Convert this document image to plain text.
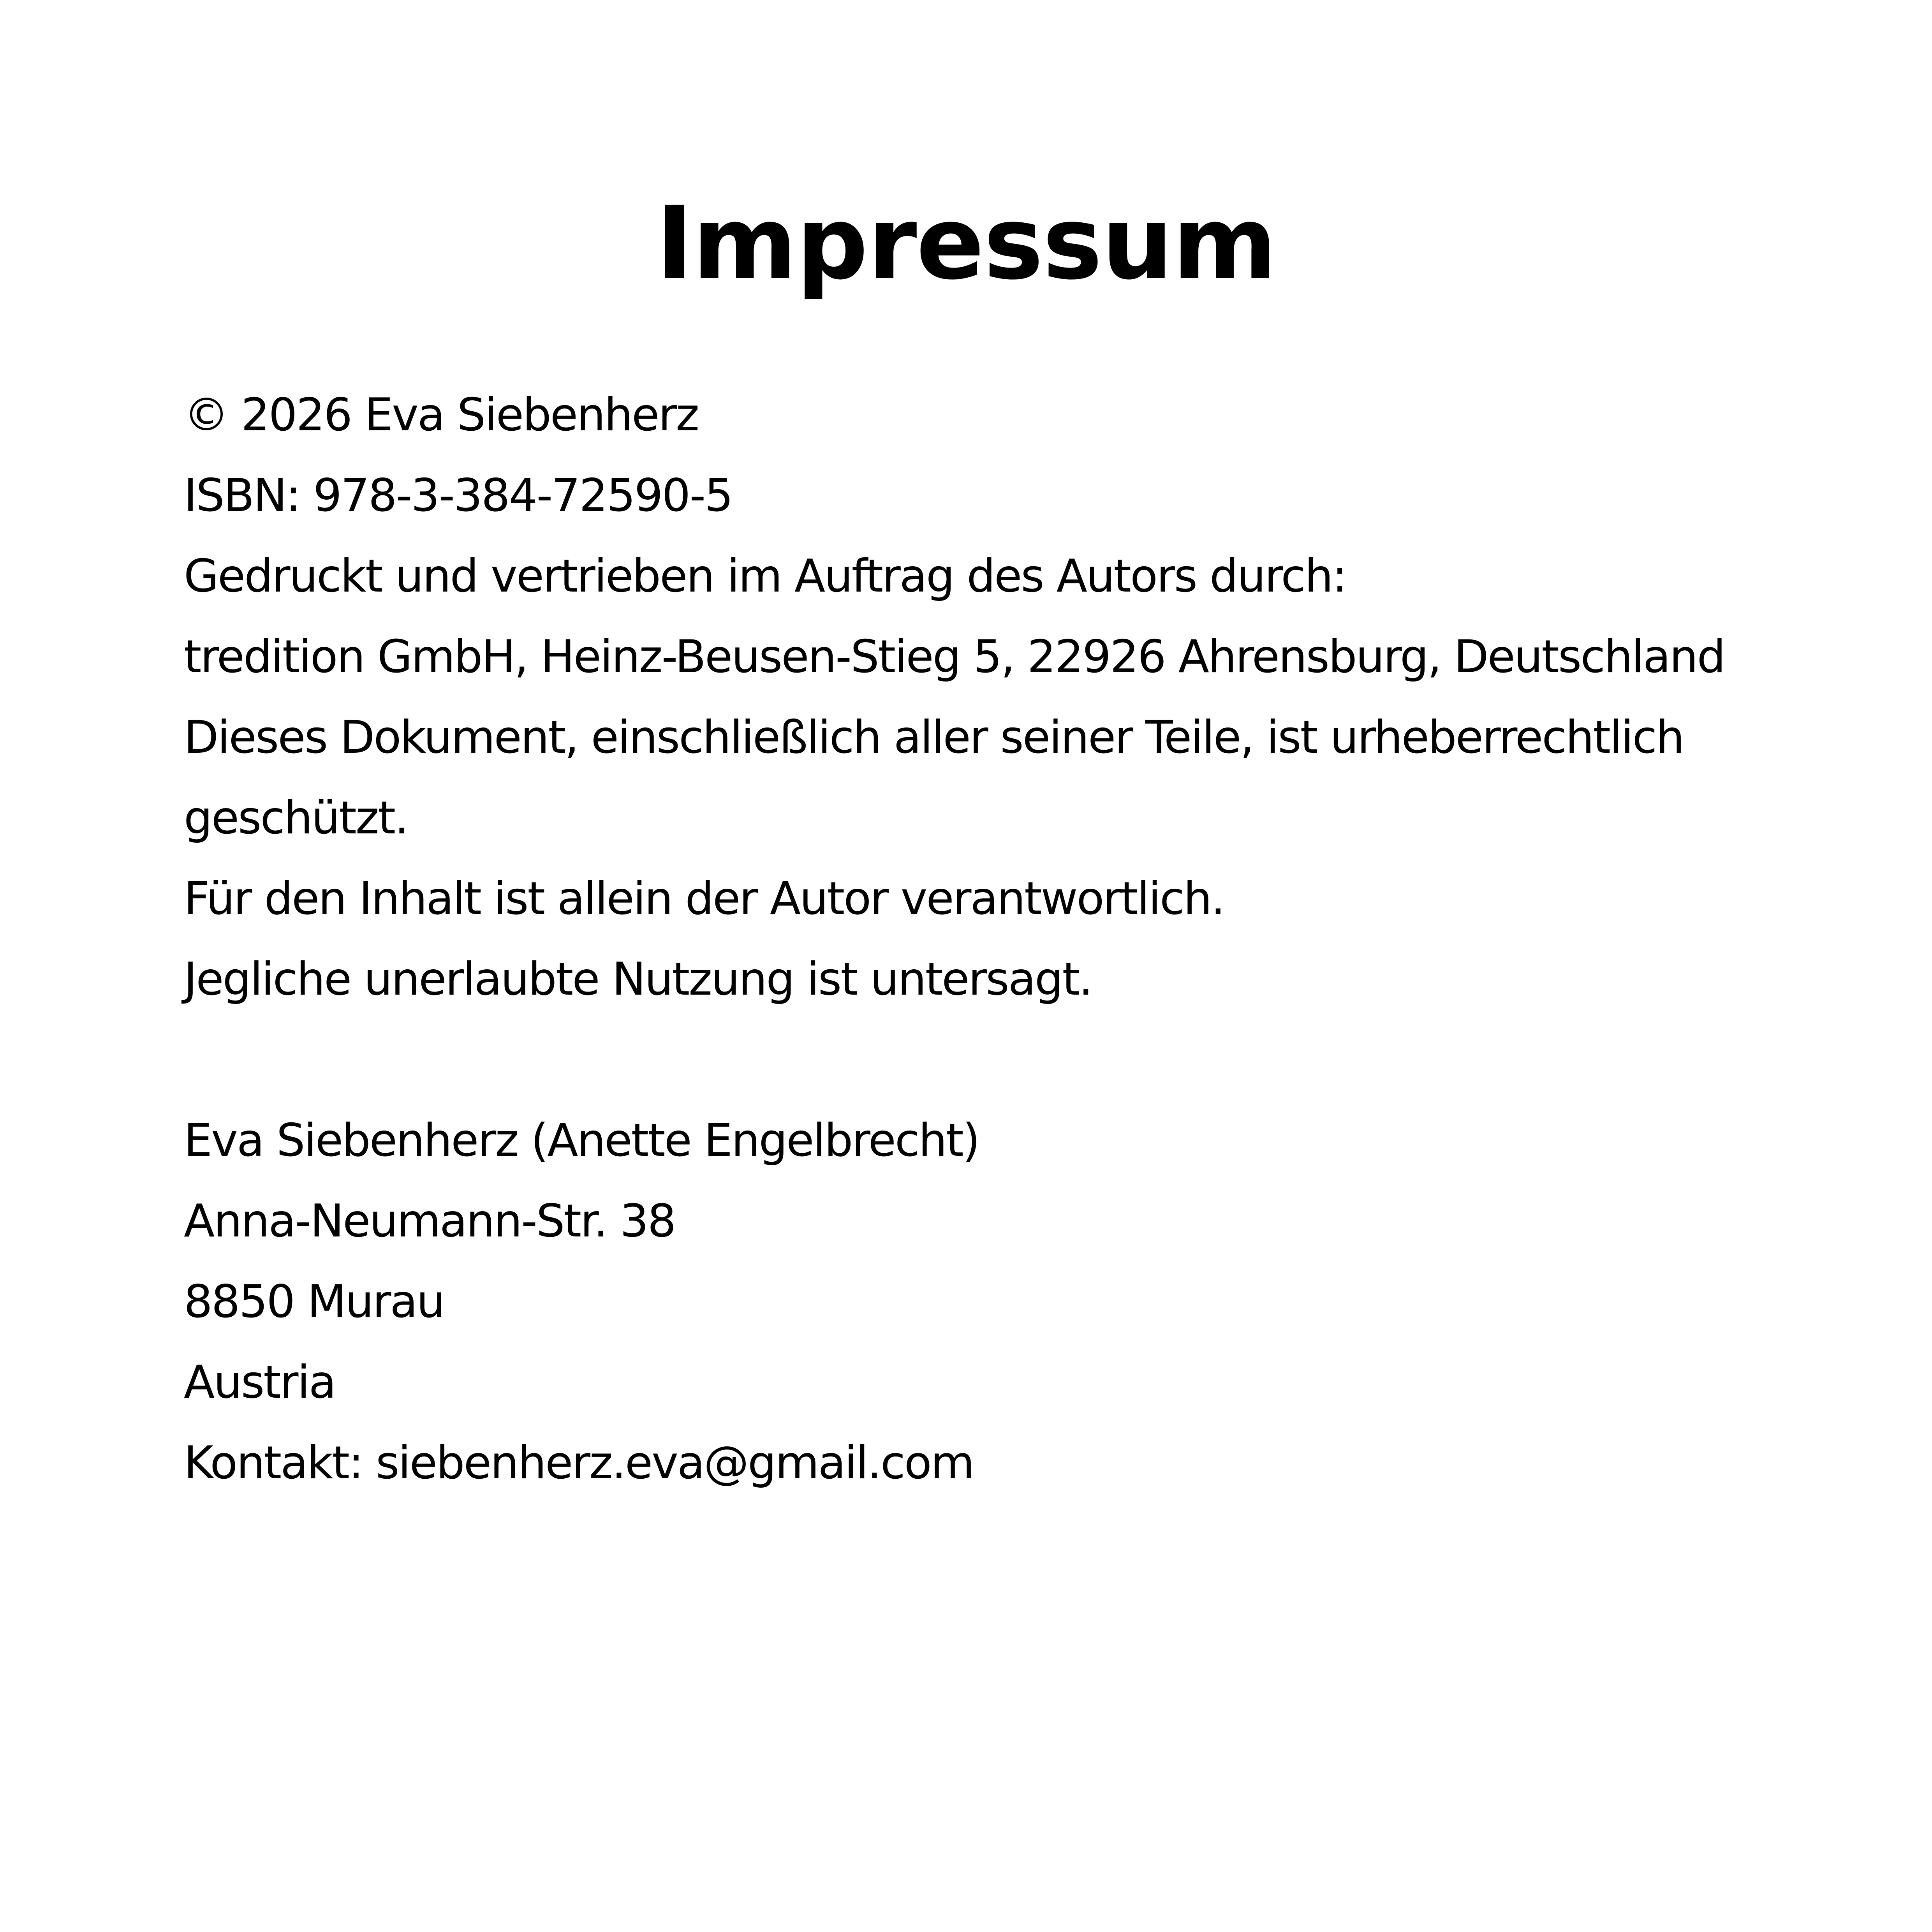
Impressum
© 2026 Eva Siebenherz
ISBN: 978-3-384-72590-5
Gedruckt und vertrieben im Auftrag des Autors durch:
tredition GmbH, Heinz-Beusen-Stieg 5, 22926 Ahrensburg, Deutschland
Dieses Dokument, einschließlich aller seiner Teile, ist urheberrechtlich
geschützt.
Für den Inhalt ist allein der Autor verantwortlich.
Jegliche unerlaubte Nutzung ist untersagt.
Eva Siebenherz (Anette Engelbrecht)
Anna-Neumann-Str. 38
8850 Murau
Austria
Kontakt: siebenherz.eva@gmail.com
